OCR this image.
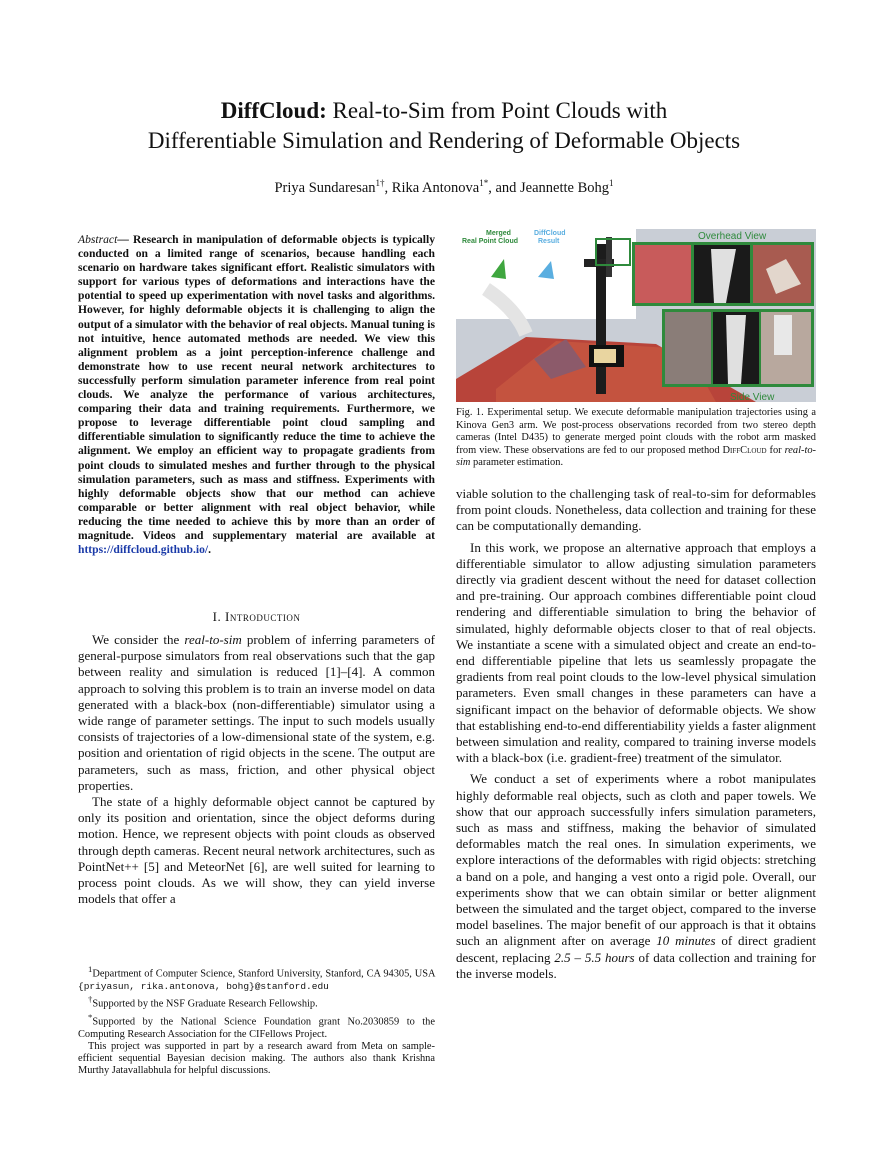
DiffCloud: Real-to-Sim from Point Clouds with
Differentiable Simulation and Rendering of Deformable Objects
Priya Sundaresan$^{1\dagger}$, Rika Antonova$^{1*}$, and Jeannette Bohg$^1$
Abstract— Research in manipulation of deformable objects is typically conducted on a limited range of scenarios, because handling each scenario on hardware takes significant effort. Realistic simulators with support for various types of deformations and interactions have the potential to speed up experimentation with novel tasks and algorithms. However, for highly deformable objects it is challenging to align the output of a simulator with the behavior of real objects. Manual tuning is not intuitive, hence automated methods are needed. We view this alignment problem as a joint perception-inference challenge and demonstrate how to use recent neural network architectures to successfully perform simulation parameter inference from real point clouds. We analyze the performance of various architectures, comparing their data and training requirements. Furthermore, we propose to leverage differentiable point cloud sampling and differentiable simulation to significantly reduce the time to achieve the alignment. We employ an efficient way to propagate gradients from point clouds to simulated meshes and further through to the physical simulation parameters, such as mass and stiffness. Experiments with highly deformable objects show that our method can achieve comparable or better alignment with real object behavior, while reducing the time needed to achieve this by more than an order of magnitude. Videos and supplementary material are available at https://diffcloud.github.io/.
I. Introduction

We consider the real-to-sim problem of inferring parameters of general-purpose simulators from real observations such that the gap between reality and simulation is reduced [1]–[4]. A common approach to solving this problem is to train an inverse model on data generated with a black-box (non-differentiable) simulator using a wide range of parameter settings. The input to such models usually consists of trajectories of a low-dimensional state of the system, e.g. position and orientation of rigid objects in the scene. The output are parameters, such as mass, friction, and other physical object properties.

The state of a highly deformable object cannot be captured by only its position and orientation, since the object deforms during motion. Hence, we represent objects with point clouds as observed through depth cameras. Recent neural network architectures, such as PointNet++ [5] and MeteorNet [6], are well suited for learning to process point clouds. As we will show, they can yield inverse models that offer a

$^1$Department of Computer Science, Stanford University, Stanford, CA 94305, USA {priyasun, rika.antonova, bohg}@stanford.edu

†Supported by the NSF Graduate Research Fellowship.

*Supported by the National Science Foundation grant No.2030859 to the Computing Research Association for the CIFellows Project.

This project was supported in part by a research award from Meta on sample-efficient sequential Bayesian decision making. The authors also thank Krishna Murthy Jatavallabhula for helpful discussions.

Merged
Real Point Cloud
DiffCloud
Result	Overhead View
Side View
Fig. 1. Experimental setup. We execute deformable manipulation trajectories using a Kinova Gen3 arm. We post-process observations recorded from two stereo depth cameras (Intel D435) to generate merged point clouds with the robot arm masked from view. These observations are fed to our proposed method DiffCloud for real-to-sim parameter estimation.

viable solution to the challenging task of real-to-sim for deformables from point clouds. Nonetheless, data collection and training for these can be computationally demanding.

In this work, we propose an alternative approach that employs a differentiable simulator to allow adjusting simulation parameters directly via gradient descent without the need for dataset collection and pre-training. Our approach combines differentiable point cloud rendering and differentiable simulation to bring the behavior of simulated, highly deformable objects closer to that of real objects. We instantiate a scene with a simulated object and create an end-to-end differentiable pipeline that lets us seamlessly propagate the gradients from real point clouds to the low-level physical simulation parameters. Even small changes in these parameters can have a significant impact on the behavior of deformable objects. We show that establishing end-to-end differentiability yields a faster alignment between simulation and reality, compared to training inverse models with a black-box (i.e. gradient-free) treatment of the simulator.

We conduct a set of experiments where a robot manipulates highly deformable real objects, such as cloth and paper towels. We show that our approach successfully infers simulation parameters, such as mass and stiffness, making the behavior of simulated deformables match the real ones. In simulation experiments, we explore interactions of the deformables with rigid objects: stretching a band on a pole, and hanging a vest onto a rigid pole. Overall, our experiments show that we can obtain similar or better alignment between the simulated and the target object, compared to the inverse model baselines. The major benefit of our approach is that it obtains such an alignment after on average 10 minutes of direct gradient descent, replacing 2.5 – 5.5 hours of data collection and training for the inverse models.
